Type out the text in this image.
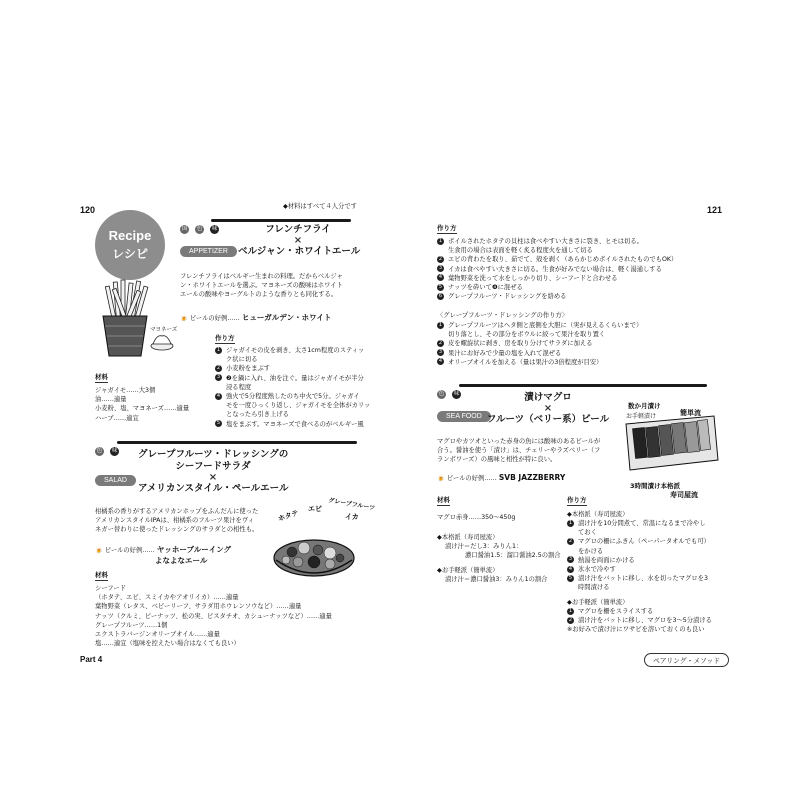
120	◆材料はすべて４人分です
Recipe
レシピ
国 色 味
APPETIZER
フレンチフライ
×
ベルジャン・ホワイトエール
フレンチフライはベルギー生まれの料理。だからベルジャ
ン・ホワイトエールを選ぶ。マヨネーズの酸味はホワイト
エールの酸味やヨーグルトのような香りとも同化する。
🍺 ビールの好例…… ヒューガルデン・ホワイト
マヨネーズ
作り方
1 ジャガイモの皮を剥き、太さ1cm程度のスティッ
ク状に切る
2 小麦粉をまぶす
3 ❷を鍋に入れ、油を注ぐ。量はジャガイモが半分
浸る程度
4 強火で5分程度熱したのち中火で5分。ジャガイ
モを一度ひっくり返し、ジャガイモを全体がカリッ
となったら引き上げる
5 塩をまぶす。マヨネーズで食べるのがベルギー風
材料
ジャガイモ……大3個
油……適量
小麦粉、塩、マヨネーズ……適量
ハーブ……適宜
色 味
SALAD
グレープフルーツ・ドレッシングの
シーフードサラダ
×
アメリカンスタイル・ペールエール
柑橘系の香りがするアメリカンホップをふんだんに使った
アメリカンスタイルIPAは、柑橘系のフルーツ果汁をヴィ
ネガー替わりに使ったドレッシングのサラダとの相性も。
🍺 ビールの好例…… ヤッホーブルーイング
よなよなエール
ホタテ エビ グレープフルーツ
イカ
材料
シーフード
（ホタテ、エビ、スミイカやアオリイカ）……適量
葉物野菜（レタス、ベビーリーフ、サラダ用ホウレンソウなど）……適量
ナッツ（クルミ、ピーナッツ、松の実、ピスタチオ、カシューナッツなど）……適量
グレープフルーツ……1個
エクストラバージンオリーブオイル……適量
塩……適宜（塩味を控えたい場合はなくても良い）
Part 4
121
作り方
1 ボイルされたホタテの貝柱は食べやすい大きさに裂き、ヒモは切る。
生食用の場合は表面を軽く炙る程度火を通して切る
2 エビの背わたを取り、茹でて、殻を剥く（あらかじめボイルされたものでもOK）
3 イカは食べやすい大きさに切る。生食が好みでない場合は、軽く湯通しする
4 葉物野菜を洗って水をしっかり切り、シーフードと合わせる
5 ナッツを砕いて❹に混ぜる
6 グレープフルーツ・ドレッシングを絡める
〈グレープフルーツ・ドレッシングの作り方〉
1 グレープフルーツはヘタ側と底側を大胆に（実が見えるくらいまで）
切り落とし、その部分をボウルに絞って果汁を取り置く
2 皮を螺旋状に剥き、房を取り分けてサラダに加える
3 果汁にお好みで少量の塩を入れて混ぜる
4 オリーブオイルを加える（量は果汁の3倍程度が目安）
色 味
SEA FOOD
漬けマグロ
×
フルーツ（ベリー系）ビール
マグロやカツオといった赤身の魚には酸味のあるビールが
合う。醤油を使う「漬け」は、チェリーやラズベリー（フ
ランボワーズ）の風味と相性が特に良い。
🍺 ビールの好例…… SVB JAZZBERRY
数か月漬け
お手軽漬け	簡単流
3時間漬け本格派
寿司屋流
材料
マグロ赤身……350〜450g
◆本格派（寿司屋流）
漬け汁＝だし3：みりん1：
濃口醤油1.5：溜口醤油2.5の割合
◆お手軽派（簡単流）
漬け汁＝濃口醤油3：みりん1の割合
作り方
◆本格派（寿司屋流）
1 漬け汁を10分間煮て、常温になるまで冷やし
ておく
2 マグロの柵にふきん（ペーパータオルでも可）
をかける
3 熱湯を両面にかける
4 氷水で冷やす
5 漬け汁をバットに移し、水を切ったマグロを3
時間漬ける
◆お手軽派（簡単流）
1 マグロを柵をスライスする
2 漬け汁をバットに移し、マグロを3〜5分漬ける
※お好みで漬け汁にワサビを溶いておくのも良い
ペアリング・メソッド
